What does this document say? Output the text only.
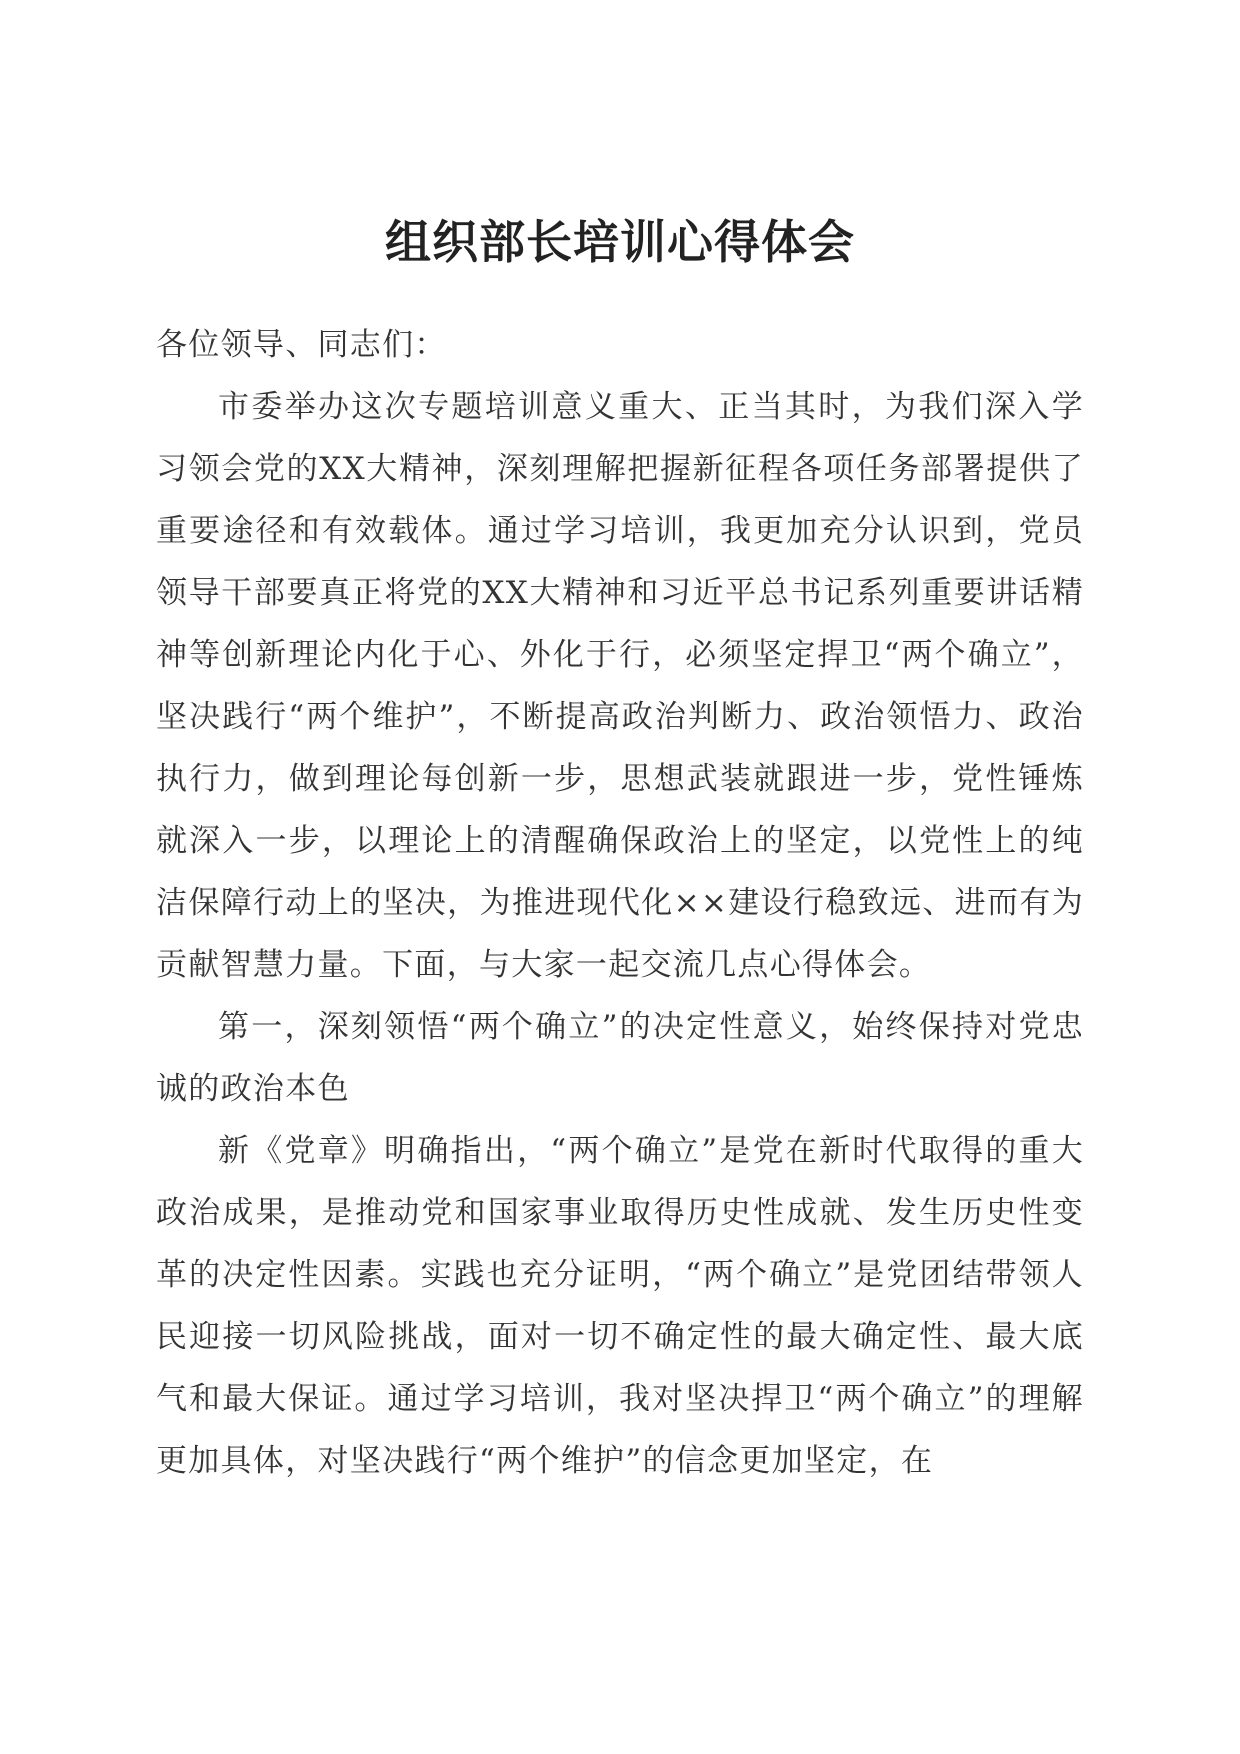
组织部长培训心得体会

各位领导、同志们：

市委举办这次专题培训意义重大、正当其时，为我们深入学习领会党的XX大精神，深刻理解把握新征程各项任务部署提供了重要途径和有效载体。通过学习培训，我更加充分认识到，党员领导干部要真正将党的XX大精神和习近平总书记系列重要讲话精神等创新理论内化于心、外化于行，必须坚定捍卫“两个确立”，坚决践行“两个维护”，不断提高政治判断力、政治领悟力、政治执行力，做到理论每创新一步，思想武装就跟进一步，党性锤炼就深入一步，以理论上的清醒确保政治上的坚定，以党性上的纯洁保障行动上的坚决，为推进现代化××建设行稳致远、进而有为贡献智慧力量。下面，与大家一起交流几点心得体会。

第一，深刻领悟“两个确立”的决定性意义，始终保持对党忠诚的政治本色

新《党章》明确指出，“两个确立”是党在新时代取得的重大政治成果，是推动党和国家事业取得历史性成就、发生历史性变革的决定性因素。实践也充分证明，“两个确立”是党团结带领人民迎接一切风险挑战，面对一切不确定性的最大确定性、最大底气和最大保证。通过学习培训，我对坚决捍卫“两个确立”的理解更加具体，对坚决践行“两个维护”的信念更加坚定，在
